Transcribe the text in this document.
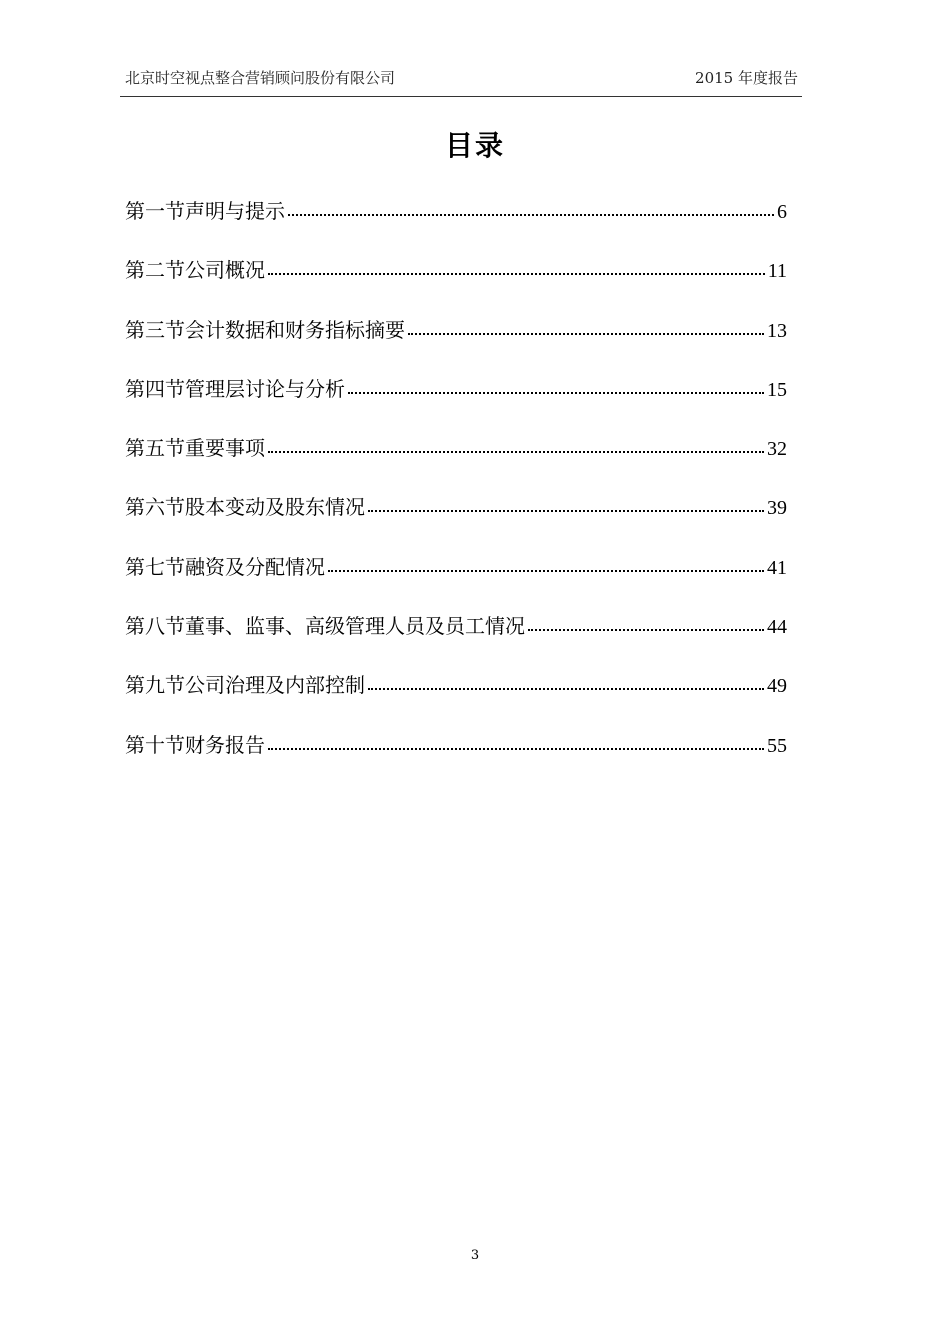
北京时空视点整合营销顾问股份有限公司	2015 年度报告
目录
第一节声明与提示	6
第二节公司概况	11
第三节会计数据和财务指标摘要	13
第四节管理层讨论与分析	15
第五节重要事项	32
第六节股本变动及股东情况	39
第七节融资及分配情况	41
第八节董事、监事、高级管理人员及员工情况	44
第九节公司治理及内部控制	49
第十节财务报告	55
3
